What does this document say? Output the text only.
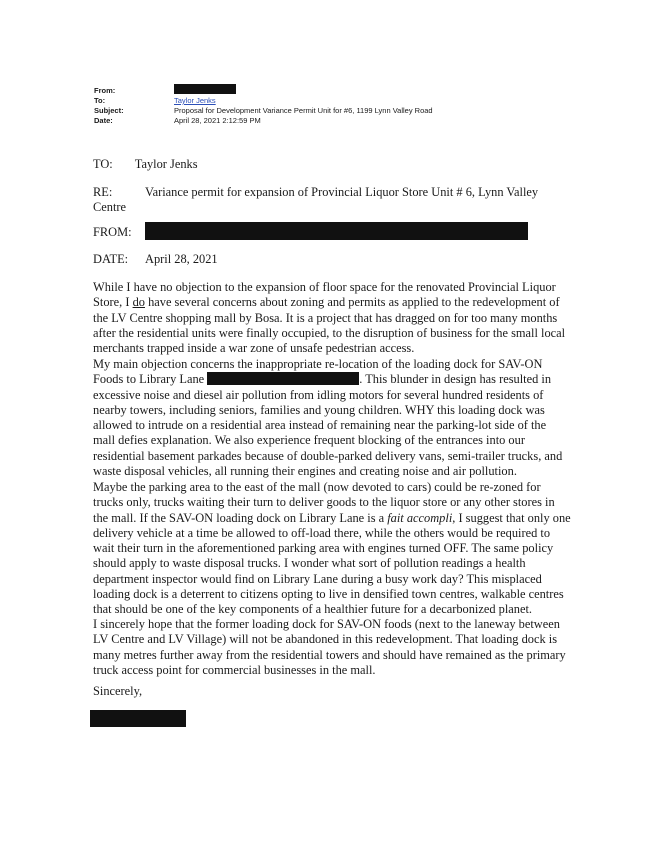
From:
To:	Taylor Jenks
Subject:	Proposal for Development Variance Permit Unit for #6, 1199 Lynn Valley Road
Date:	April 28, 2021 2:12:59 PM
TO: Taylor Jenks
RE:	Variance permit for expansion of Provincial Liquor Store Unit # 6, Lynn Valley
Centre
FROM:
DATE: April 28, 2021

While I have no objection to the expansion of floor space for the renovated Provincial Liquor Store, I do have several concerns about zoning and permits as applied to the redevelopment of the LV Centre shopping mall by Bosa. It is a project that has dragged on for too many months after the residential units were finally occupied, to the disruption of business for the small local merchants trapped inside a war zone of unsafe pedestrian access.

My main objection concerns the inappropriate re-location of the loading dock for SAV-ON Foods to Library Lane	. This blunder in design has resulted in excessive noise and diesel air pollution from idling motors for several hundred residents of nearby towers, including seniors, families and young children. WHY this loading dock was allowed to intrude on a residential area instead of remaining near the parking-lot side of the mall defies explanation. We also experience frequent blocking of the entrances into our residential basement parkades because of double-parked delivery vans, semi-trailer trucks, and waste disposal vehicles, all running their engines and creating noise and air pollution.

Maybe the parking area to the east of the mall (now devoted to cars) could be re-zoned for trucks only, trucks waiting their turn to deliver goods to the liquor store or any other stores in the mall. If the SAV-ON loading dock on Library Lane is a fait accompli, I suggest that only one delivery vehicle at a time be allowed to off-load there, while the others would be required to wait their turn in the aforementioned parking area with engines turned OFF. The same policy should apply to waste disposal trucks. I wonder what sort of pollution readings a health department inspector would find on Library Lane during a busy work day? This misplaced loading dock is a deterrent to citizens opting to live in densified town centres, walkable centres that should be one of the key components of a healthier future for a decarbonized planet.

I sincerely hope that the former loading dock for SAV-ON foods (next to the laneway between LV Centre and LV Village) will not be abandoned in this redevelopment. That loading dock is many metres further away from the residential towers and should have remained as the primary truck access point for commercial businesses in the mall.

Sincerely,
